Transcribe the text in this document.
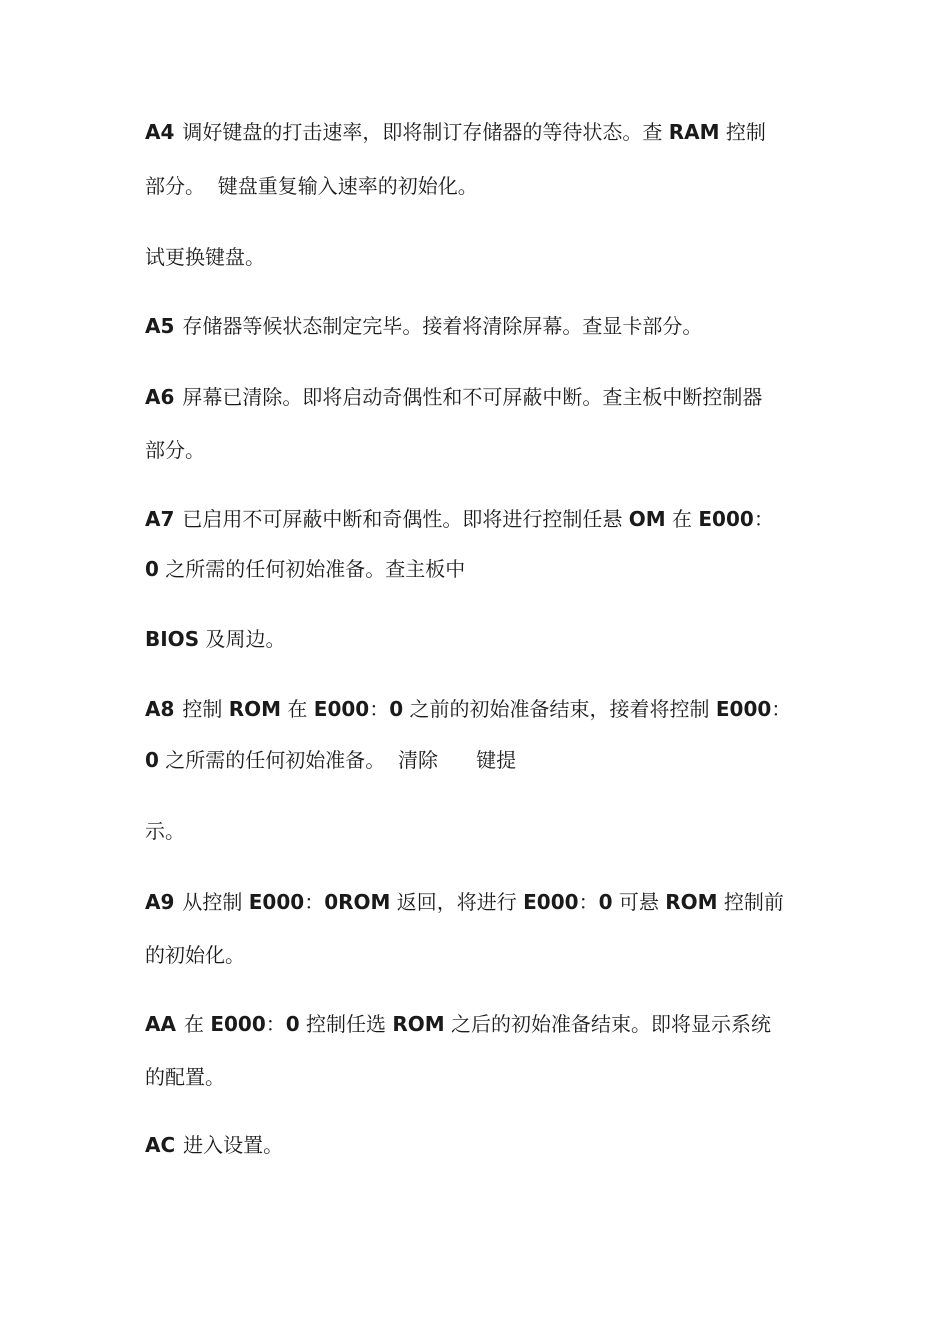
A4 调好键盘的打击速率，即将制订存储器的等待状态。查 RAM 控制
部分。  键盘重复输入速率的初始化。
试更换键盘。
A5 存储器等候状态制定完毕。接着将清除屏幕。查显卡部分。
A6 屏幕已清除。即将启动奇偶性和不可屏蔽中断。查主板中断控制器
部分。
A7 已启用不可屏蔽中断和奇偶性。即将进行控制任悬 OM 在 E000：
0 之所需的任何初始准备。查主板中
BIOS 及周边。
A8 控制 ROM 在 E000：0 之前的初始准备结束，接着将控制 E000：
0 之所需的任何初始准备。  清除      键提
示。
A9 从控制 E000：0ROM 返回，将进行 E000：0 可悬 ROM 控制前
的初始化。
AA 在 E000：0 控制任选 ROM 之后的初始准备结束。即将显示系统
的配置。
AC 进入设置。
